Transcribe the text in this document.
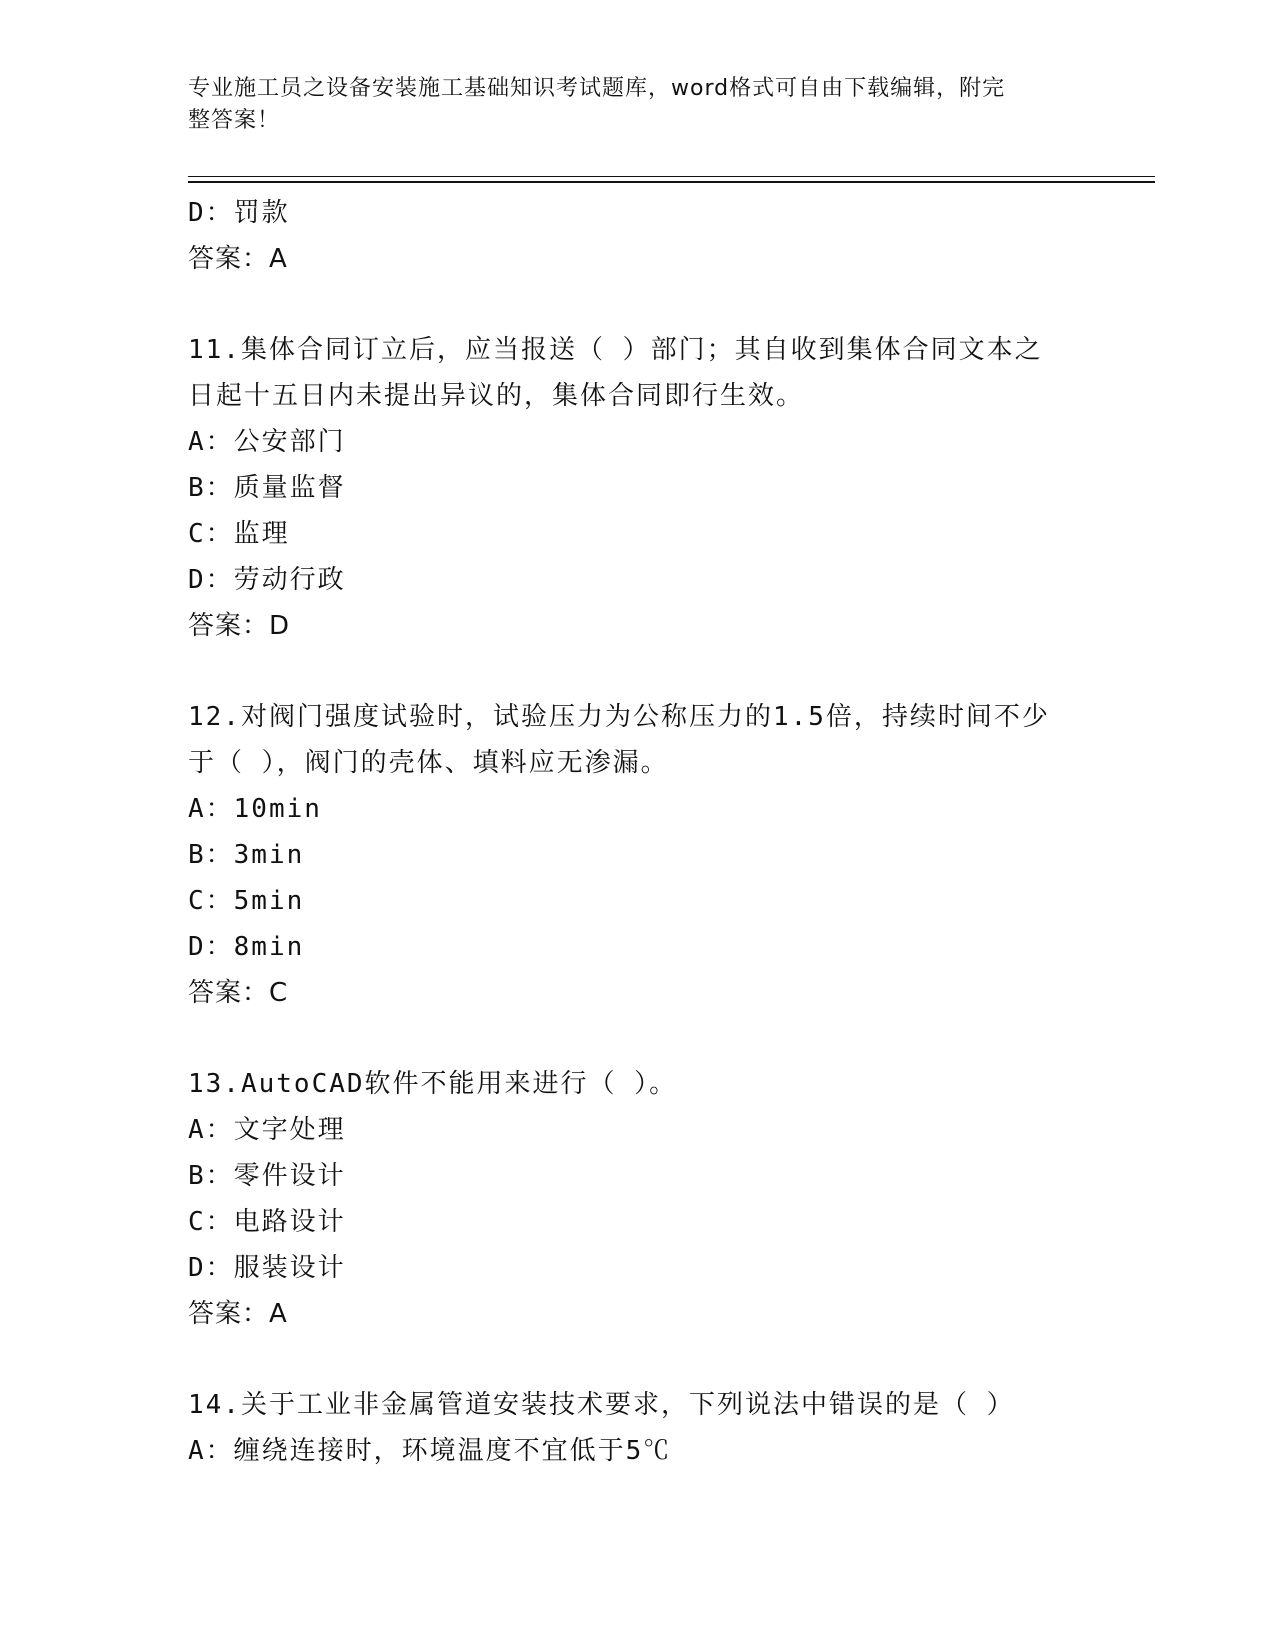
专业施工员之设备安装施工基础知识考试题库，word格式可自由下载编辑，附完
整答案！
D：罚款
答案：A
11.集体合同订立后，应当报送（ ）部门；其自收到集体合同文本之
日起十五日内未提出异议的，集体合同即行生效。
A：公安部门
B：质量监督
C：监理
D：劳动行政
答案：D
12.对阀门强度试验时，试验压力为公称压力的1.5倍，持续时间不少
于（ ），阀门的壳体、填料应无渗漏。
A：10min
B：3min
C：5min
D：8min
答案：C
13.AutoCAD软件不能用来进行（ ）。
A：文字处理
B：零件设计
C：电路设计
D：服装设计
答案：A
14.关于工业非金属管道安装技术要求，下列说法中错误的是（ ）
A：缠绕连接时，环境温度不宜低于5℃
